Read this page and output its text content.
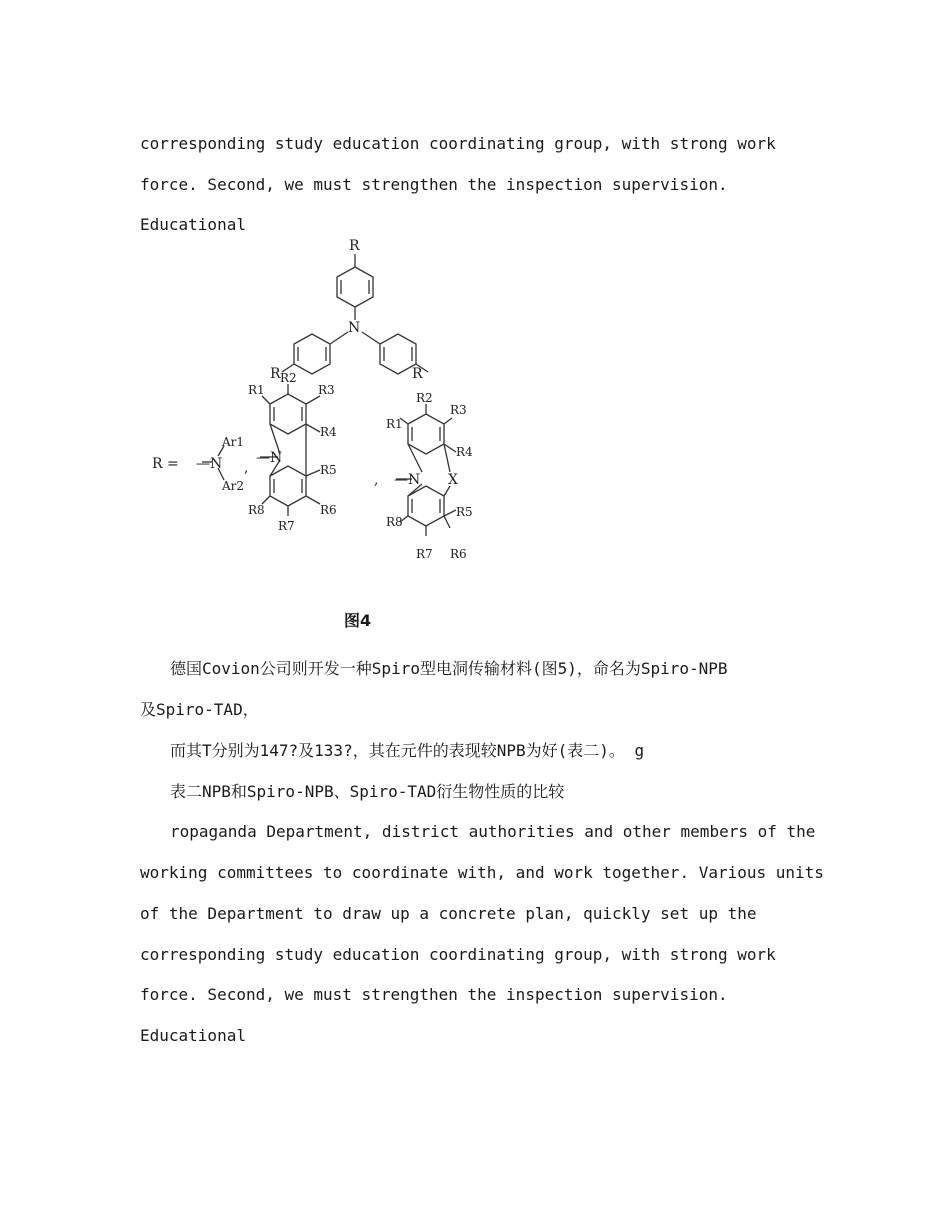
corresponding study education coordinating group, with strong work
force. Second, we must strengthen the inspection supervision.
Educational
R
N
R	R
R = —N
Ar1
Ar2
,
R2
R3
R1
R4
R5
R6
R7
R8
—N
,
R2
R3
R1
R4
X
—N
R5
R6
R7
R8
图4
德国Covion公司则开发一种Spiro型电洞传输材料(图5)，命名为Spiro-NPB
及Spiro-TAD，
而其T分别为147?及133?，其在元件的表现较NPB为好(表二)。 g
表二NPB和Spiro-NPB、Spiro-TAD衍生物性质的比较
ropaganda Department, district authorities and other members of the
working committees to coordinate with, and work together. Various units
of the Department to draw up a concrete plan, quickly set up the
corresponding study education coordinating group, with strong work
force. Second, we must strengthen the inspection supervision.
Educational
